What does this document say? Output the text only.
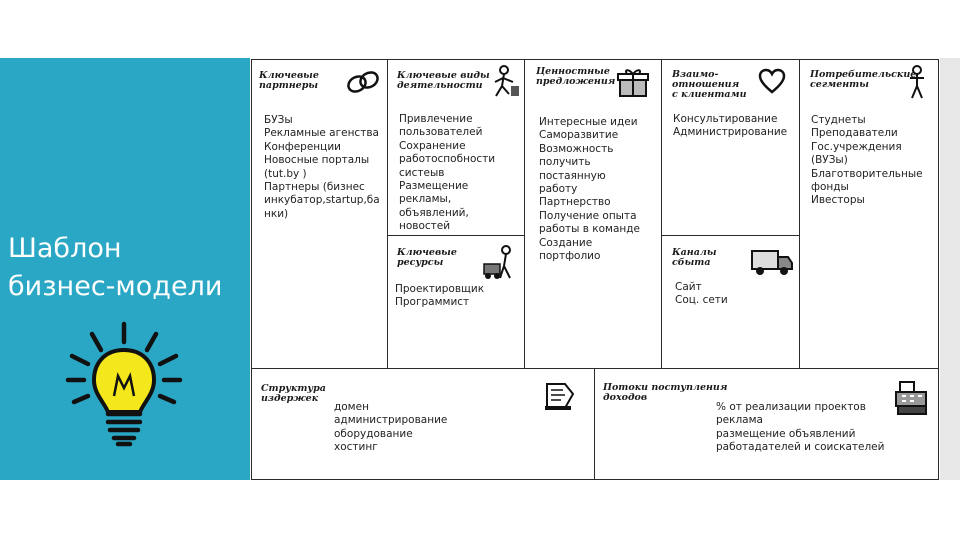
Шаблон
бизнес-модели
Ключевые
партнеры
БУЗы
Рекламные агенства
Конференции
Новосные порталы
(tut.by )
Партнеры (бизнес
инкубатор,startup,ба
нки)
Ключевые виды
деятельности
Привлечение
пользователей
Сохранение
работоспобности
систеыв
Размещение
рекламы,
объявлений,
новостей
Ключевые
ресурсы
Проектировщик
Программист
Ценностные
предложения
Интересные идеи
Саморазвитие
Возможность
получить
постаянную
работу
Партнерство
Получение опыта
работы в команде
Создание
портфолио
Взаимо-
отношения
с клиентами
Консультирование
Администрирование
Каналы
сбыта
Сайт
Соц. сети
Потребительские
сегменты
Студнеты
Преподаватели
Гос.учреждения
(ВУЗы)
Благотворительные
фонды
Ивесторы
Структура
издержек
домен
администрирование
оборудование
хостинг
Потоки поступления
доходов
% от реализации проектов
реклама
размещение объявлений
работадателей и соискателей
